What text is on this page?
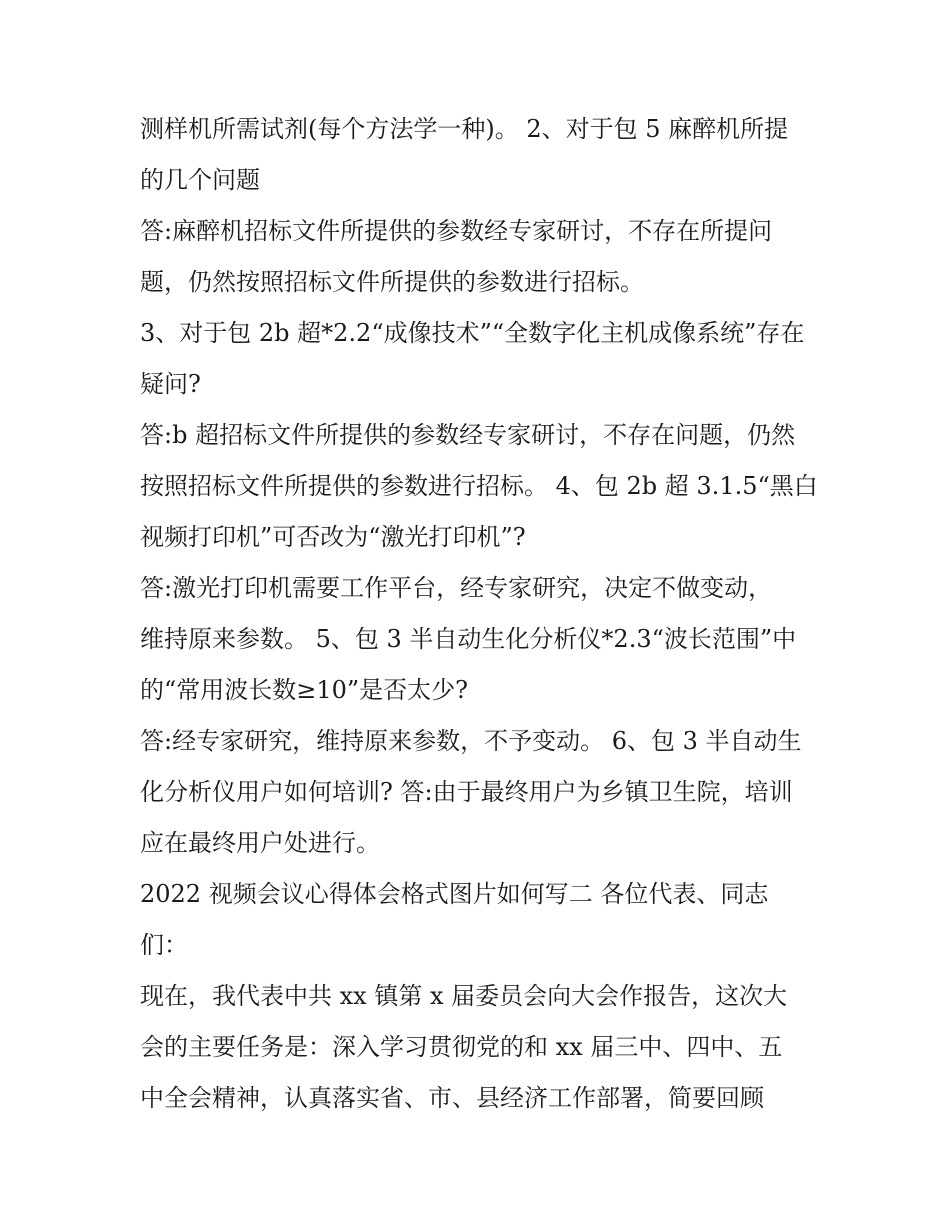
测样机所需试剂(每个方法学一种)。 2、对于包 5 麻醉机所提
的几个问题
答:麻醉机招标文件所提供的参数经专家研讨，不存在所提问
题，仍然按照招标文件所提供的参数进行招标。
3、对于包 2b 超*2.2“成像技术”“全数字化主机成像系统”存在
疑问?
答:b 超招标文件所提供的参数经专家研讨，不存在问题，仍然
按照招标文件所提供的参数进行招标。 4、包 2b 超 3.1.5“黑白
视频打印机”可否改为“激光打印机”?
答:激光打印机需要工作平台，经专家研究，决定不做变动，
维持原来参数。 5、包 3 半自动生化分析仪*2.3“波长范围”中
的“常用波长数≥10”是否太少?
答:经专家研究，维持原来参数，不予变动。 6、包 3 半自动生
化分析仪用户如何培训? 答:由于最终用户为乡镇卫生院，培训
应在最终用户处进行。
2022 视频会议心得体会格式图片如何写二 各位代表、同志
们：
现在，我代表中共 xx 镇第 x 届委员会向大会作报告，这次大
会的主要任务是：深入学习贯彻党的和 xx 届三中、四中、五
中全会精神，认真落实省、市、县经济工作部署，简要回顾
